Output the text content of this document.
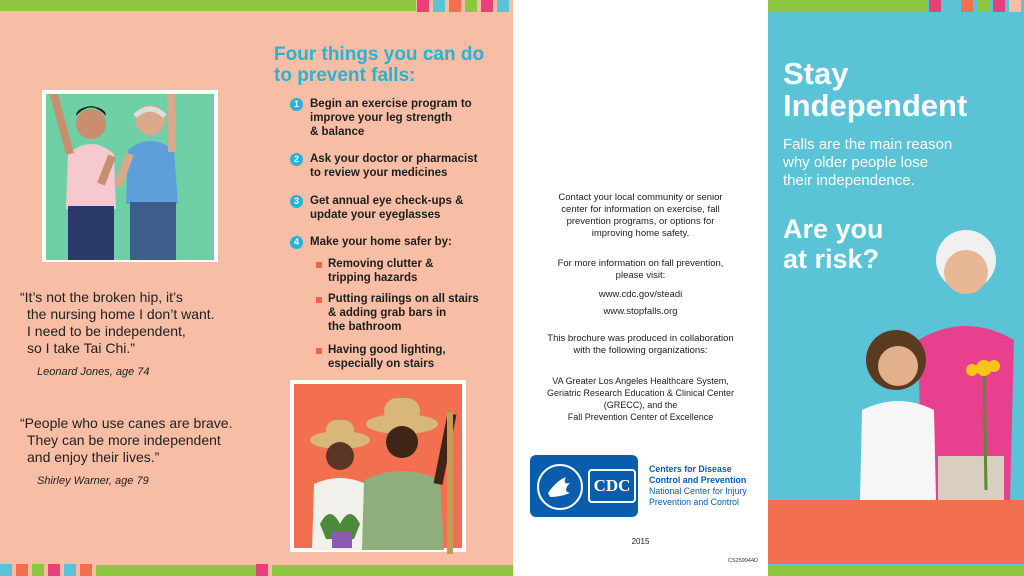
“It’s not the broken hip, it’s
the nursing home I don’t want.
I need to be independent,
so I take Tai Chi.”
Leonard Jones, age 74
“People who use canes are brave.
They can be more independent
and enjoy their lives.”
Shirley Warner, age 79
Four things you can do
to prevent falls:
1 Begin an exercise program to
improve your leg strength
& balance
2 Ask your doctor or pharmacist
to review your medicines
3 Get annual eye check-ups &
update your eyeglasses
4 Make your home safer by:
Removing clutter &
tripping hazards
Putting railings on all stairs
& adding grab bars in
the bathroom
Having good lighting,
especially on stairs
Contact your local community or senior
center for information on exercise, fall
prevention programs, or options for
improving home safety.
For more information on fall prevention,
please visit:
www.cdc.gov/steadi
www.stopfalls.org
This brochure was produced in collaboration
with the following organizations:
VA Greater Los Angeles Healthcare System,
Geriatric Research Education & Clinical Center
(GRECC), and the
Fall Prevention Center of Excellence
CDC
Centers for Disease
Control and Prevention
National Center for Injury
Prevention and Control
2015
CS259944D
Stay
Independent
Falls are the main reason
why older people lose
their independence.
Are you
at risk?
